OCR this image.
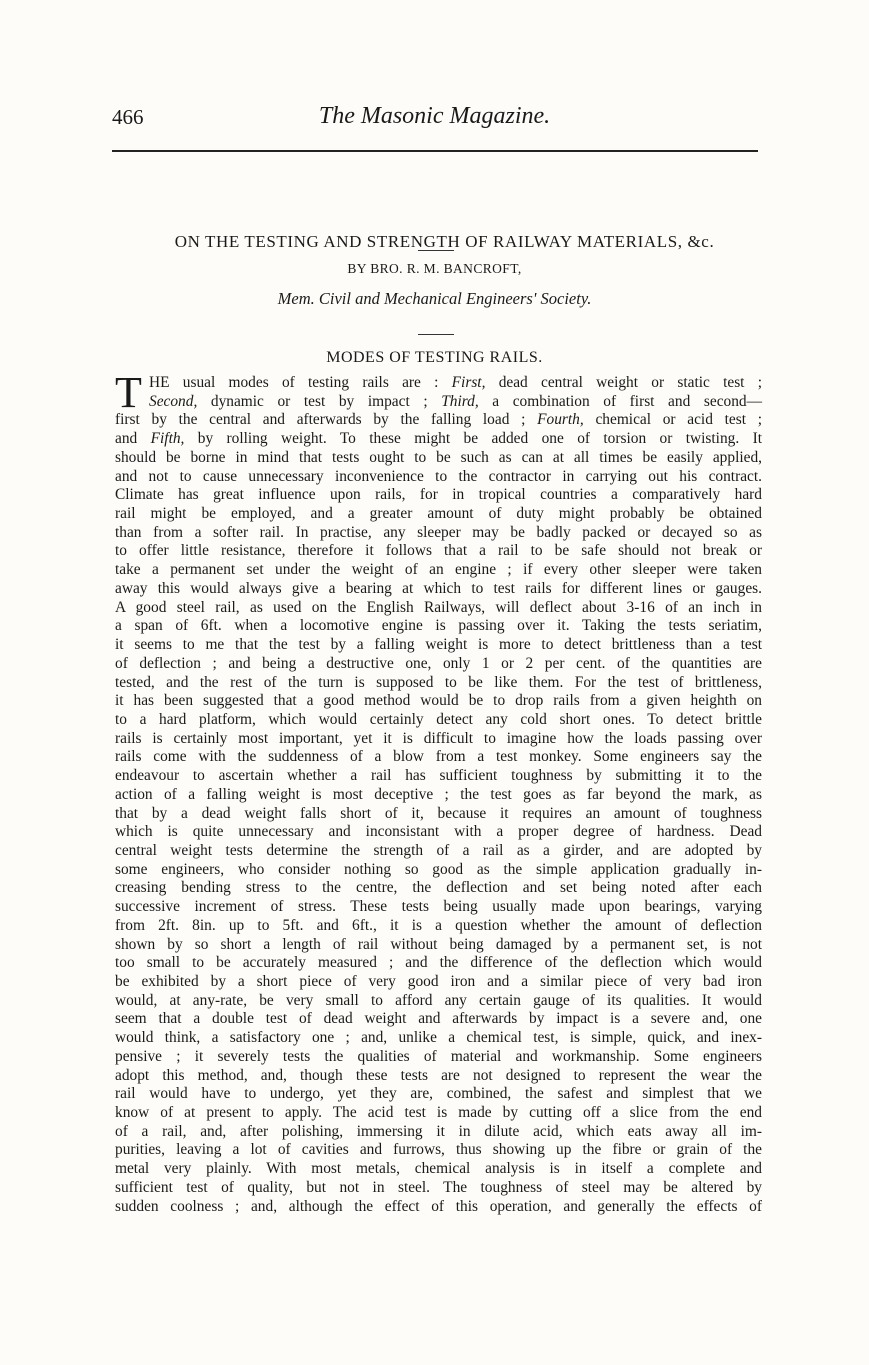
466	The Masonic Magazine.
ON THE TESTING AND STRENGTH OF RAILWAY MATERIALS, &c.
BY BRO. R. M. BANCROFT,
Mem. Civil and Mechanical Engineers' Society.
MODES OF TESTING RAILS.
T HE usual modes of testing rails are : First, dead central weight or static test ;
Second, dynamic or test by impact ; Third, a combination of first and second—
first by the central and afterwards by the falling load ; Fourth, chemical or acid test ;
and Fifth, by rolling weight. To these might be added one of torsion or twisting. It
should be borne in mind that tests ought to be such as can at all times be easily applied,
and not to cause unnecessary inconvenience to the contractor in carrying out his contract.
Climate has great influence upon rails, for in tropical countries a comparatively hard
rail might be employed, and a greater amount of duty might probably be obtained
than from a softer rail. In practise, any sleeper may be badly packed or decayed so as
to offer little resistance, therefore it follows that a rail to be safe should not break or
take a permanent set under the weight of an engine ; if every other sleeper were taken
away this would always give a bearing at which to test rails for different lines or gauges.
A good steel rail, as used on the English Railways, will deflect about 3-16 of an inch in
a span of 6ft. when a locomotive engine is passing over it. Taking the tests seriatim,
it seems to me that the test by a falling weight is more to detect brittleness than a test
of deflection ; and being a destructive one, only 1 or 2 per cent. of the quantities are
tested, and the rest of the turn is supposed to be like them. For the test of brittleness,
it has been suggested that a good method would be to drop rails from a given heighth on
to a hard platform, which would certainly detect any cold short ones. To detect brittle
rails is certainly most important, yet it is difficult to imagine how the loads passing over
rails come with the suddenness of a blow from a test monkey. Some engineers say the
endeavour to ascertain whether a rail has sufficient toughness by submitting it to the
action of a falling weight is most deceptive ; the test goes as far beyond the mark, as
that by a dead weight falls short of it, because it requires an amount of toughness
which is quite unnecessary and inconsistant with a proper degree of hardness. Dead
central weight tests determine the strength of a rail as a girder, and are adopted by
some engineers, who consider nothing so good as the simple application gradually in-
creasing bending stress to the centre, the deflection and set being noted after each
successive increment of stress. These tests being usually made upon bearings, varying
from 2ft. 8in. up to 5ft. and 6ft., it is a question whether the amount of deflection
shown by so short a length of rail without being damaged by a permanent set, is not
too small to be accurately measured ; and the difference of the deflection which would
be exhibited by a short piece of very good iron and a similar piece of very bad iron
would, at any-rate, be very small to afford any certain gauge of its qualities. It would
seem that a double test of dead weight and afterwards by impact is a severe and, one
would think, a satisfactory one ; and, unlike a chemical test, is simple, quick, and inex-
pensive ; it severely tests the qualities of material and workmanship. Some engineers
adopt this method, and, though these tests are not designed to represent the wear the
rail would have to undergo, yet they are, combined, the safest and simplest that we
know of at present to apply. The acid test is made by cutting off a slice from the end
of a rail, and, after polishing, immersing it in dilute acid, which eats away all im-
purities, leaving a lot of cavities and furrows, thus showing up the fibre or grain of the
metal very plainly. With most metals, chemical analysis is in itself a complete and
sufficient test of quality, but not in steel. The toughness of steel may be altered by
sudden coolness ; and, although the effect of this operation, and generally the effects of
